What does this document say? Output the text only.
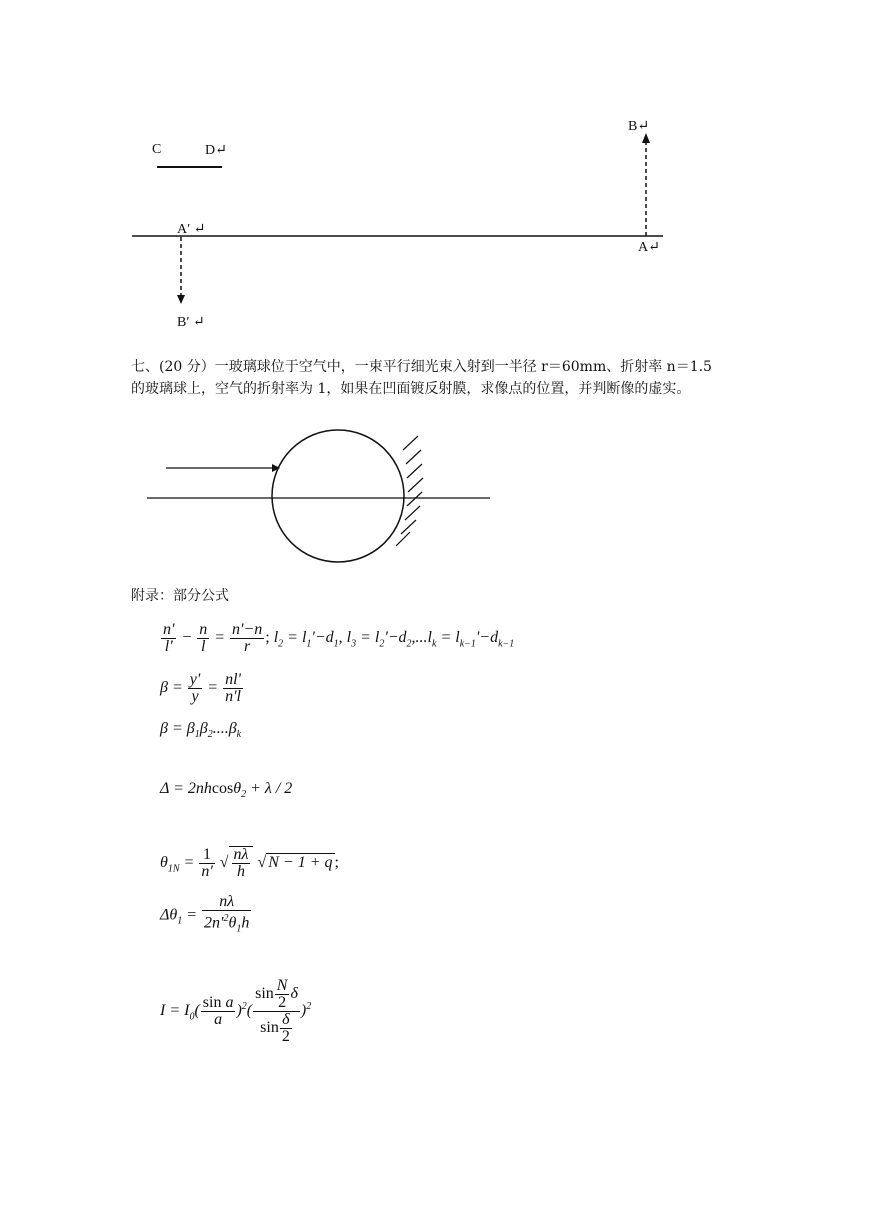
C	D↵
A′ ↵
B′ ↵
B↵
A↵
七、(20 分）一玻璃球位于空气中，一束平行细光束入射到一半径 r＝60mm、折射率 n＝1.5
的玻璃球上，空气的折射率为 1，如果在凹面镀反射膜，求像点的位置，并判断像的虚实。
附录：部分公式
$\frac{n'}{l'} - \frac{n}{l} = \frac{n'-n}{r}$ ; $l_2 = l_1'-d_1$, $l_3 = l_2'-d_2,...l_k = l_{k-1}'-d_{k-1}$
$\beta = \frac{y'}{y} = \frac{nl'}{n'l}$
$\beta = \beta_1\beta_2....\beta_k$
Δ = 2nhcosθ$_2$ + λ / 2
$\theta_{1N} = \frac{1}{n'}$ √ $\frac{n\lambda}{h}$ √ N − 1 + q ;
$\Delta\theta_1 = \frac{n\lambda}{2n'^2\theta_1h}$
$I = I_0( \frac{\text{sin a}}{a} )^2( \frac{\sin \frac{N}{2} \delta}{\sin \frac{\delta}{2}} )^2$
